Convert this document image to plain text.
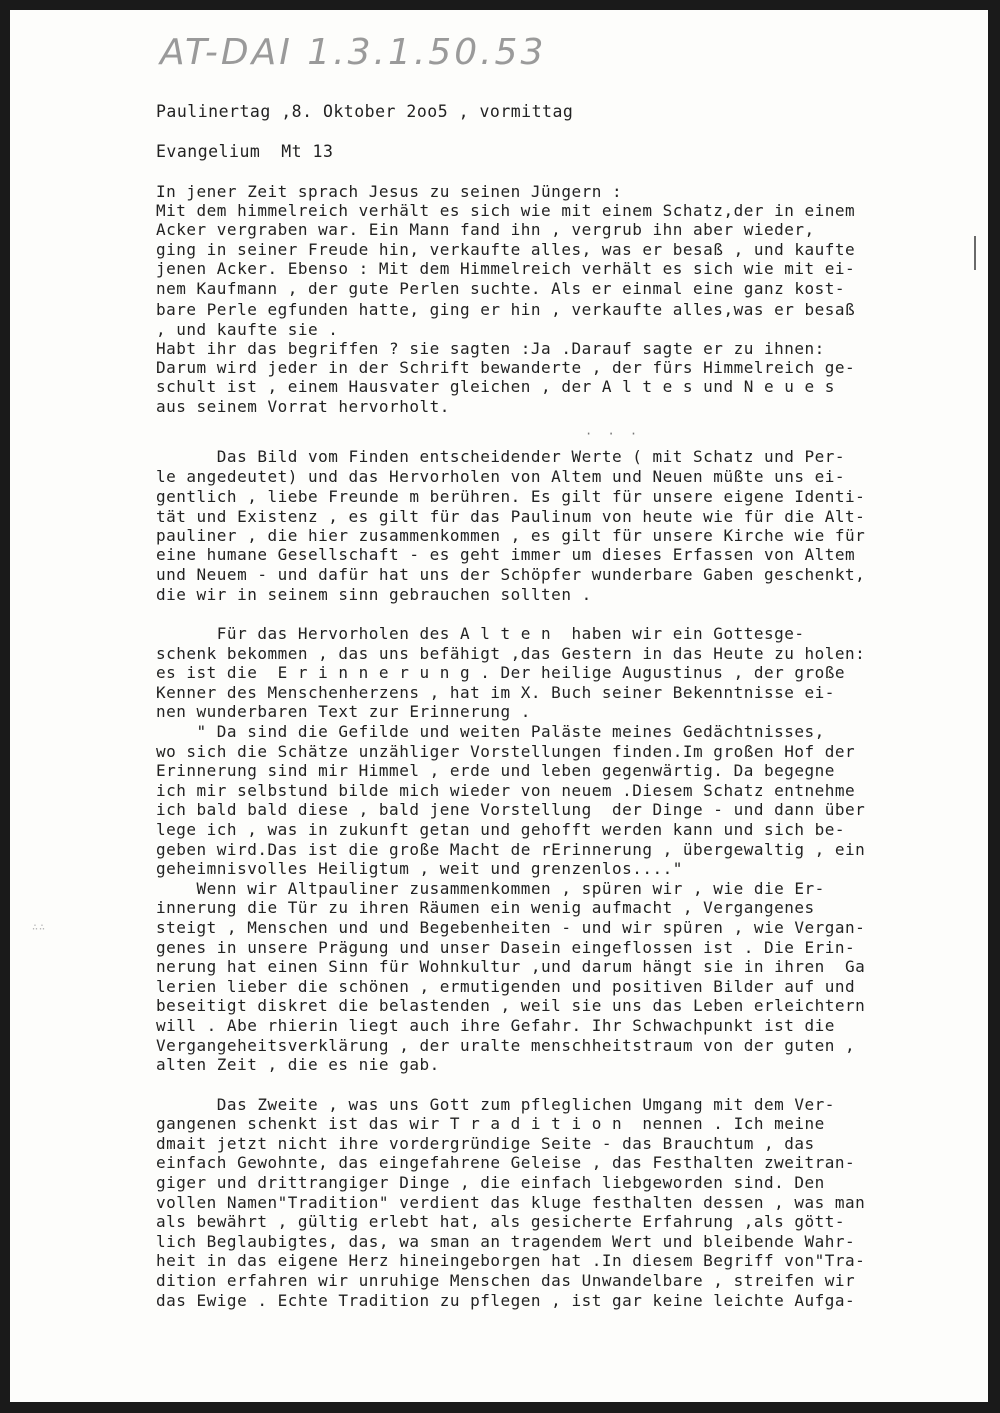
AT-DAI 1.3.1.50.53
Paulinertag ,8. Oktober 2oo5 , vormittag
Evangelium  Mt 13
In jener Zeit sprach Jesus zu seinen Jüngern :
Mit dem himmelreich verhält es sich wie mit einem Schatz,der in einem
Acker vergraben war. Ein Mann fand ihn , vergrub ihn aber wieder,
ging in seiner Freude hin, verkaufte alles, was er besaß , und kaufte
jenen Acker. Ebenso : Mit dem Himmelreich verhält es sich wie mit ei-
nem Kaufmann , der gute Perlen suchte. Als er einmal eine ganz kost-
bare Perle egfunden hatte, ging er hin , verkaufte alles,was er besaß
, und kaufte sie .
Habt ihr das begriffen ? sie sagten :Ja .Darauf sagte er zu ihnen:
Darum wird jeder in der Schrift bewanderte , der fürs Himmelreich ge-
schult ist , einem Hausvater gleichen , der A l t e s und N e u e s
aus seinem Vorrat hervorholt.
Das Bild vom Finden entscheidender Werte ( mit Schatz und Per-
le angedeutet) und das Hervorholen von Altem und Neuen müßte uns ei-
gentlich , liebe Freunde m berühren. Es gilt für unsere eigene Identi-
tät und Existenz , es gilt für das Paulinum von heute wie für die Alt-
pauliner , die hier zusammenkommen , es gilt für unsere Kirche wie für
eine humane Gesellschaft - es geht immer um dieses Erfassen von Altem
und Neuem - und dafür hat uns der Schöpfer wunderbare Gaben geschenkt,
die wir in seinem sinn gebrauchen sollten .
Für das Hervorholen des A l t e n  haben wir ein Gottesge-
schenk bekommen , das uns befähigt ,das Gestern in das Heute zu holen:
es ist die  E r i n n e r u n g . Der heilige Augustinus , der große
Kenner des Menschenherzens , hat im X. Buch seiner Bekenntnisse ei-
nen wunderbaren Text zur Erinnerung .
" Da sind die Gefilde und weiten Paläste meines Gedächtnisses,
wo sich die Schätze unzähliger Vorstellungen finden.Im großen Hof der
Erinnerung sind mir Himmel , erde und leben gegenwärtig. Da begegne
ich mir selbstund bilde mich wieder von neuem .Diesem Schatz entnehme
ich bald bald diese , bald jene Vorstellung  der Dinge - und dann über
lege ich , was in zukunft getan und gehofft werden kann und sich be-
geben wird.Das ist die große Macht de rErinnerung , übergewaltig , ein
geheimnisvolles Heiligtum , weit und grenzenlos...."
Wenn wir Altpauliner zusammenkommen , spüren wir , wie die Er-
innerung die Tür zu ihren Räumen ein wenig aufmacht , Vergangenes
steigt , Menschen und und Begebenheiten - und wir spüren , wie Vergan-
genes in unsere Prägung und unser Dasein eingeflossen ist . Die Erin-
nerung hat einen Sinn für Wohnkultur ,und darum hängt sie in ihren  Ga
lerien lieber die schönen , ermutigenden und positiven Bilder auf und
beseitigt diskret die belastenden , weil sie uns das Leben erleichtern
will . Abe rhierin liegt auch ihre Gefahr. Ihr Schwachpunkt ist die
Vergangeheitsverklärung , der uralte menschheitstraum von der guten ,
alten Zeit , die es nie gab.
Das Zweite , was uns Gott zum pfleglichen Umgang mit dem Ver-
gangenen schenkt ist das wir T r a d i t i o n  nennen . Ich meine
dmait jetzt nicht ihre vordergründige Seite - das Brauchtum , das
einfach Gewohnte, das eingefahrene Geleise , das Festhalten zweitran-
giger und drittrangiger Dinge , die einfach liebgeworden sind. Den
vollen Namen"Tradition" verdient das kluge festhalten dessen , was man
als bewährt , gültig erlebt hat, als gesicherte Erfahrung ,als gött-
lich Beglaubigtes, das, wa sman an tragendem Wert und bleibende Wahr-
heit in das eigene Herz hineingeborgen hat .In diesem Begriff von"Tra-
dition erfahren wir unruhige Menschen das Unwandelbare , streifen wir
das Ewige . Echte Tradition zu pflegen , ist gar keine leichte Aufga-
· · ·
∴∴
